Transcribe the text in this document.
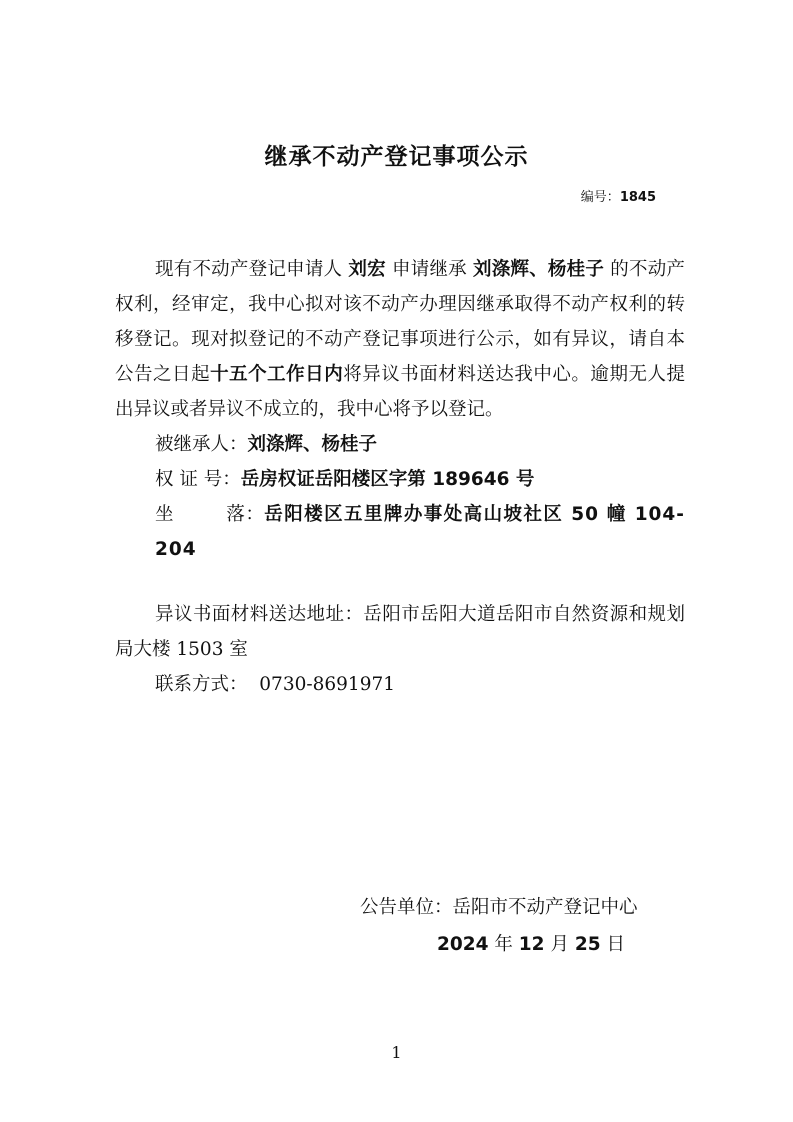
继承不动产登记事项公示
编号：1845

现有不动产登记申请人 刘宏 申请继承 刘涤辉、杨桂子 的不动产权利，经审定，我中心拟对该不动产办理因继承取得不动产权利的转移登记。现对拟登记的不动产登记事项进行公示，如有异议，请自本公告之日起十五个工作日内将异议书面材料送达我中心。逾期无人提出异议或者异议不成立的，我中心将予以登记。

被继承人：刘涤辉、杨桂子

权 证 号：岳房权证岳阳楼区字第 189646 号

坐	落：岳阳楼区五里牌办事处高山坡社区 50 幢 104-204

异议书面材料送达地址：岳阳市岳阳大道岳阳市自然资源和规划局大楼 1503 室

联系方式： 0730-8691971

公告单位：岳阳市不动产登记中心
2024 年 12 月 25 日
1
